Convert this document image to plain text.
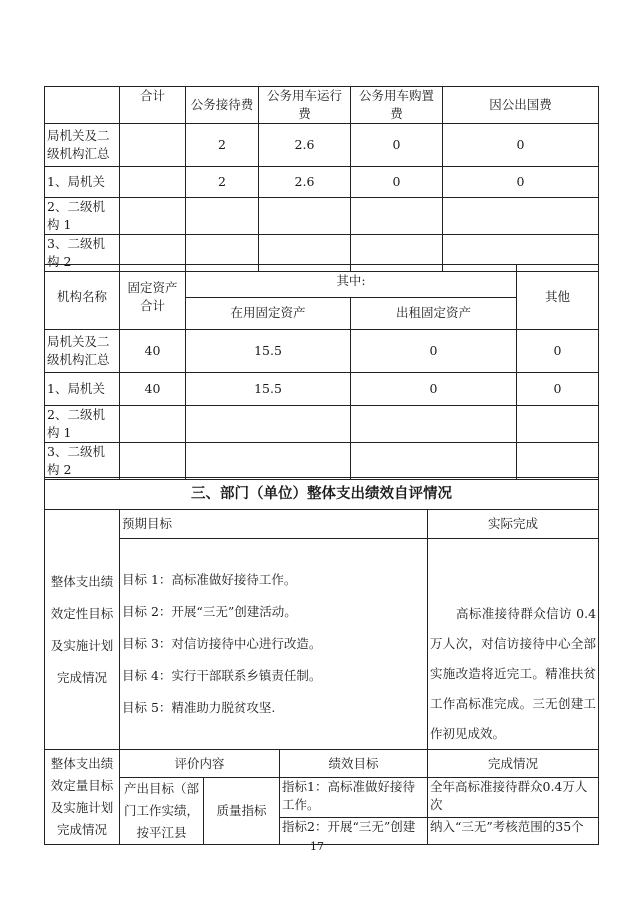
	合计	公务接待费	公务用车运行费	公务用车购置费	因公出国费
局机关及二级机构汇总		2	2.6	0	0
1、局机关		2	2.6	0	0
2、二级机构 1					
3、二级机构 2					
机构名称	固定资产合计	其中:		其他
		在用固定资产	出租固定资产	
局机关及二级机构汇总	40	15.5	0	0
1、局机关	40	15.5	0	0
2、二级机构 1				
3、二级机构 2				
三、部门（单位）整体支出绩效自评情况				
整体支出绩效定性目标及实施计划完成情况	预期目标			实际完成

	目标 1：高标准做好接待工作。
目标 2：开展“三无”创建活动。
目标 3：对信访接待中心进行改造。
目标 4：实行干部联系乡镇责任制。
目标 5：精准助力脱贫攻坚.			高标准接待群众信访 0.4 万人次，对信访接待中心全部实施改造将近完工。精准扶贫工作高标准完成。三无创建工作初见成效。
整体支出绩效定量目标及实施计划完成情况	评价内容		绩效目标	完成情况
	产出目标（部门工作实绩，按平江县	质量指标	指标1：高标准做好接待工作。	全年高标准接待群众0.4万人次
			指标2：开展“三无”创建	纳入“三无”考核范围的35个
17
